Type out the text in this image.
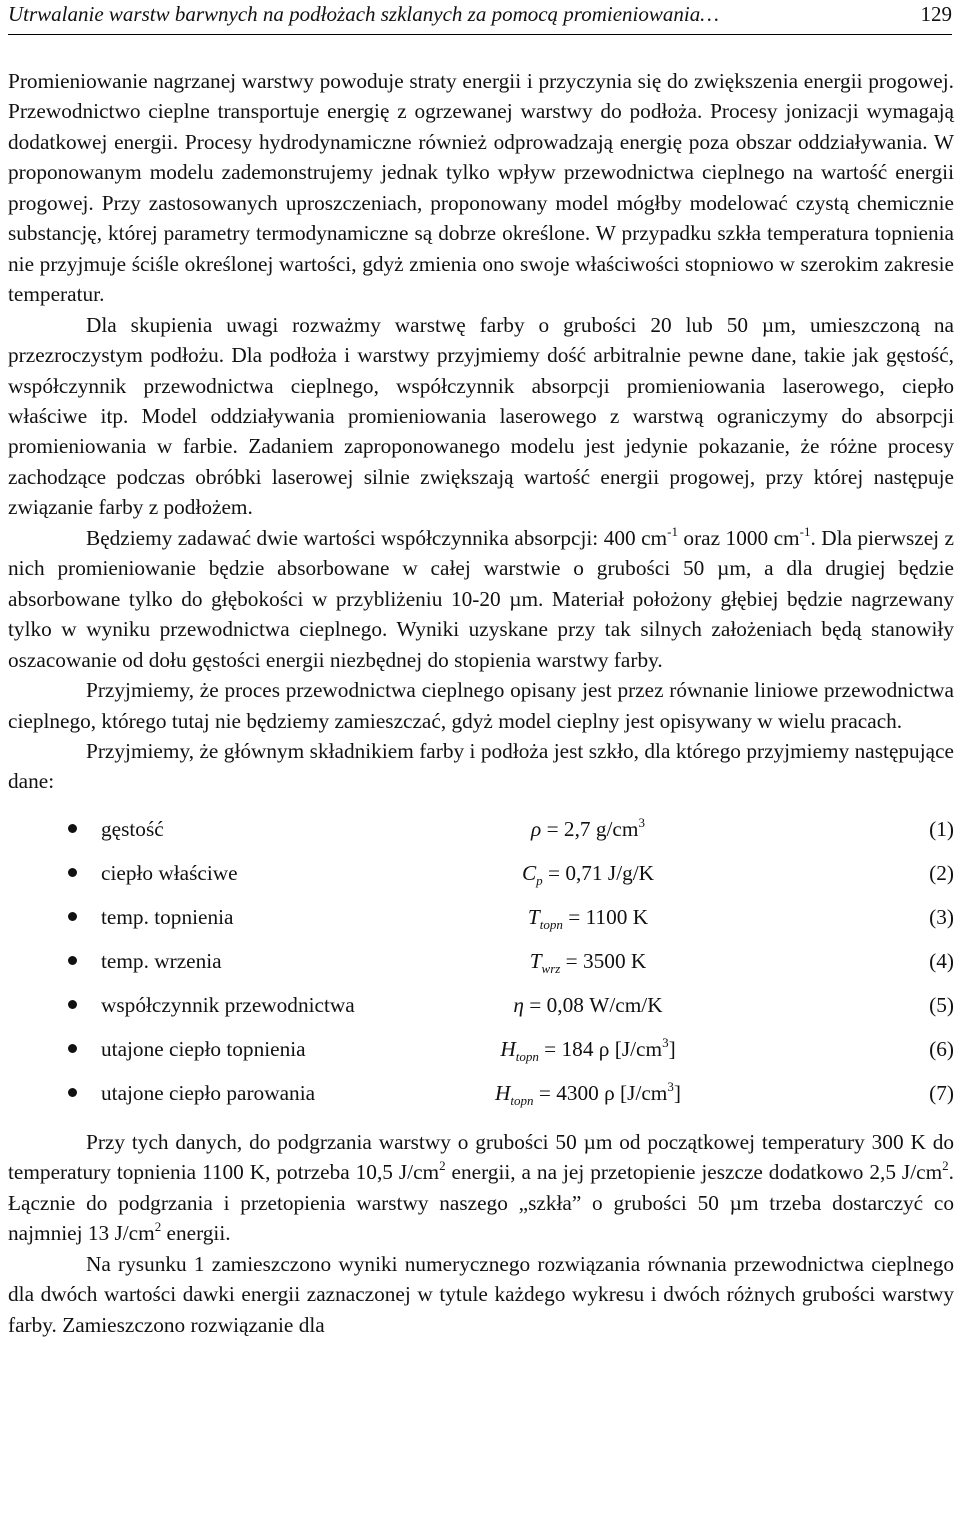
Utrwalanie warstw barwnych na podłożach szklanych za pomocą promieniowania…	129

Promieniowanie nagrzanej warstwy powoduje straty energii i przyczynia się do zwiększenia energii progowej. Przewodnictwo cieplne transportuje energię z ogrzewanej warstwy do podłoża. Procesy jonizacji wymagają dodatkowej energii. Procesy hydrodynamiczne również odprowadzają energię poza obszar oddziaływania. W proponowanym modelu zademonstrujemy jednak tylko wpływ przewodnictwa cieplnego na wartość energii progowej. Przy zastosowanych uproszczeniach, proponowany model mógłby modelować czystą chemicznie substancję, której parametry termodynamiczne są dobrze określone. W przypadku szkła temperatura topnienia nie przyjmuje ściśle określonej wartości, gdyż zmienia ono swoje właściwości stopniowo w szerokim zakresie temperatur.

Dla skupienia uwagi rozważmy warstwę farby o grubości 20 lub 50 µm, umieszczoną na przezroczystym podłożu. Dla podłoża i warstwy przyjmiemy dość arbitralnie pewne dane, takie jak gęstość, współczynnik przewodnictwa cieplnego, współczynnik absorpcji promieniowania laserowego, ciepło właściwe itp. Model oddziaływania promieniowania laserowego z warstwą ograniczymy do absorpcji promieniowania w farbie. Zadaniem zaproponowanego modelu jest jedynie pokazanie, że różne procesy zachodzące podczas obróbki laserowej silnie zwiększają wartość energii progowej, przy której następuje związanie farby z podłożem.

Będziemy zadawać dwie wartości współczynnika absorpcji: 400 $cm^{-1}$ oraz 1000 $cm^{-1}$. Dla pierwszej z nich promieniowanie będzie absorbowane w całej warstwie o grubości 50 µm, a dla drugiej będzie absorbowane tylko do głębokości w przybliżeniu 10-20 µm. Materiał położony głębiej będzie nagrzewany tylko w wyniku przewodnictwa cieplnego. Wyniki uzyskane przy tak silnych założeniach będą stanowiły oszacowanie od dołu gęstości energii niezbędnej do stopienia warstwy farby.

Przyjmiemy, że proces przewodnictwa cieplnego opisany jest przez równanie liniowe przewodnictwa cieplnego, którego tutaj nie będziemy zamieszczać, gdyż model cieplny jest opisywany w wielu pracach.

Przyjmiemy, że głównym składnikiem farby i podłoża jest szkło, dla którego przyjmiemy następujące dane:

gęstość	ρ = 2,7 $g/cm^3$	(1)
ciepło właściwe	$C_p = 0,71$ J/g/K	(2)
temp. topnienia	$T_{topn} = 1100$ K	(3)
temp. wrzenia	$T_{wrz} = 3500$ K	(4)
współczynnik przewodnictwa	η = 0,08 W/cm/K	(5)
utajone ciepło topnienia	$H_{topn} = 184$ ρ $[J/cm^3]$	(6)
utajone ciepło parowania	$H_{topn} = 4300$ ρ $[J/cm^3]$	(7)

Przy tych danych, do podgrzania warstwy o grubości 50 µm od początkowej temperatury 300 K do temperatury topnienia 1100 K, potrzeba 10,5 $J/cm^2$ energii, a na jej przetopienie jeszcze dodatkowo 2,5 $J/cm^2$. Łącznie do podgrzania i przetopienia warstwy naszego „szkła” o grubości 50 µm trzeba dostarczyć co najmniej 13 $J/cm^2$ energii.

Na rysunku 1 zamieszczono wyniki numerycznego rozwiązania równania przewodnictwa cieplnego dla dwóch wartości dawki energii zaznaczonej w tytule każdego wykresu i dwóch różnych grubości warstwy farby. Zamieszczono rozwiązanie dla
